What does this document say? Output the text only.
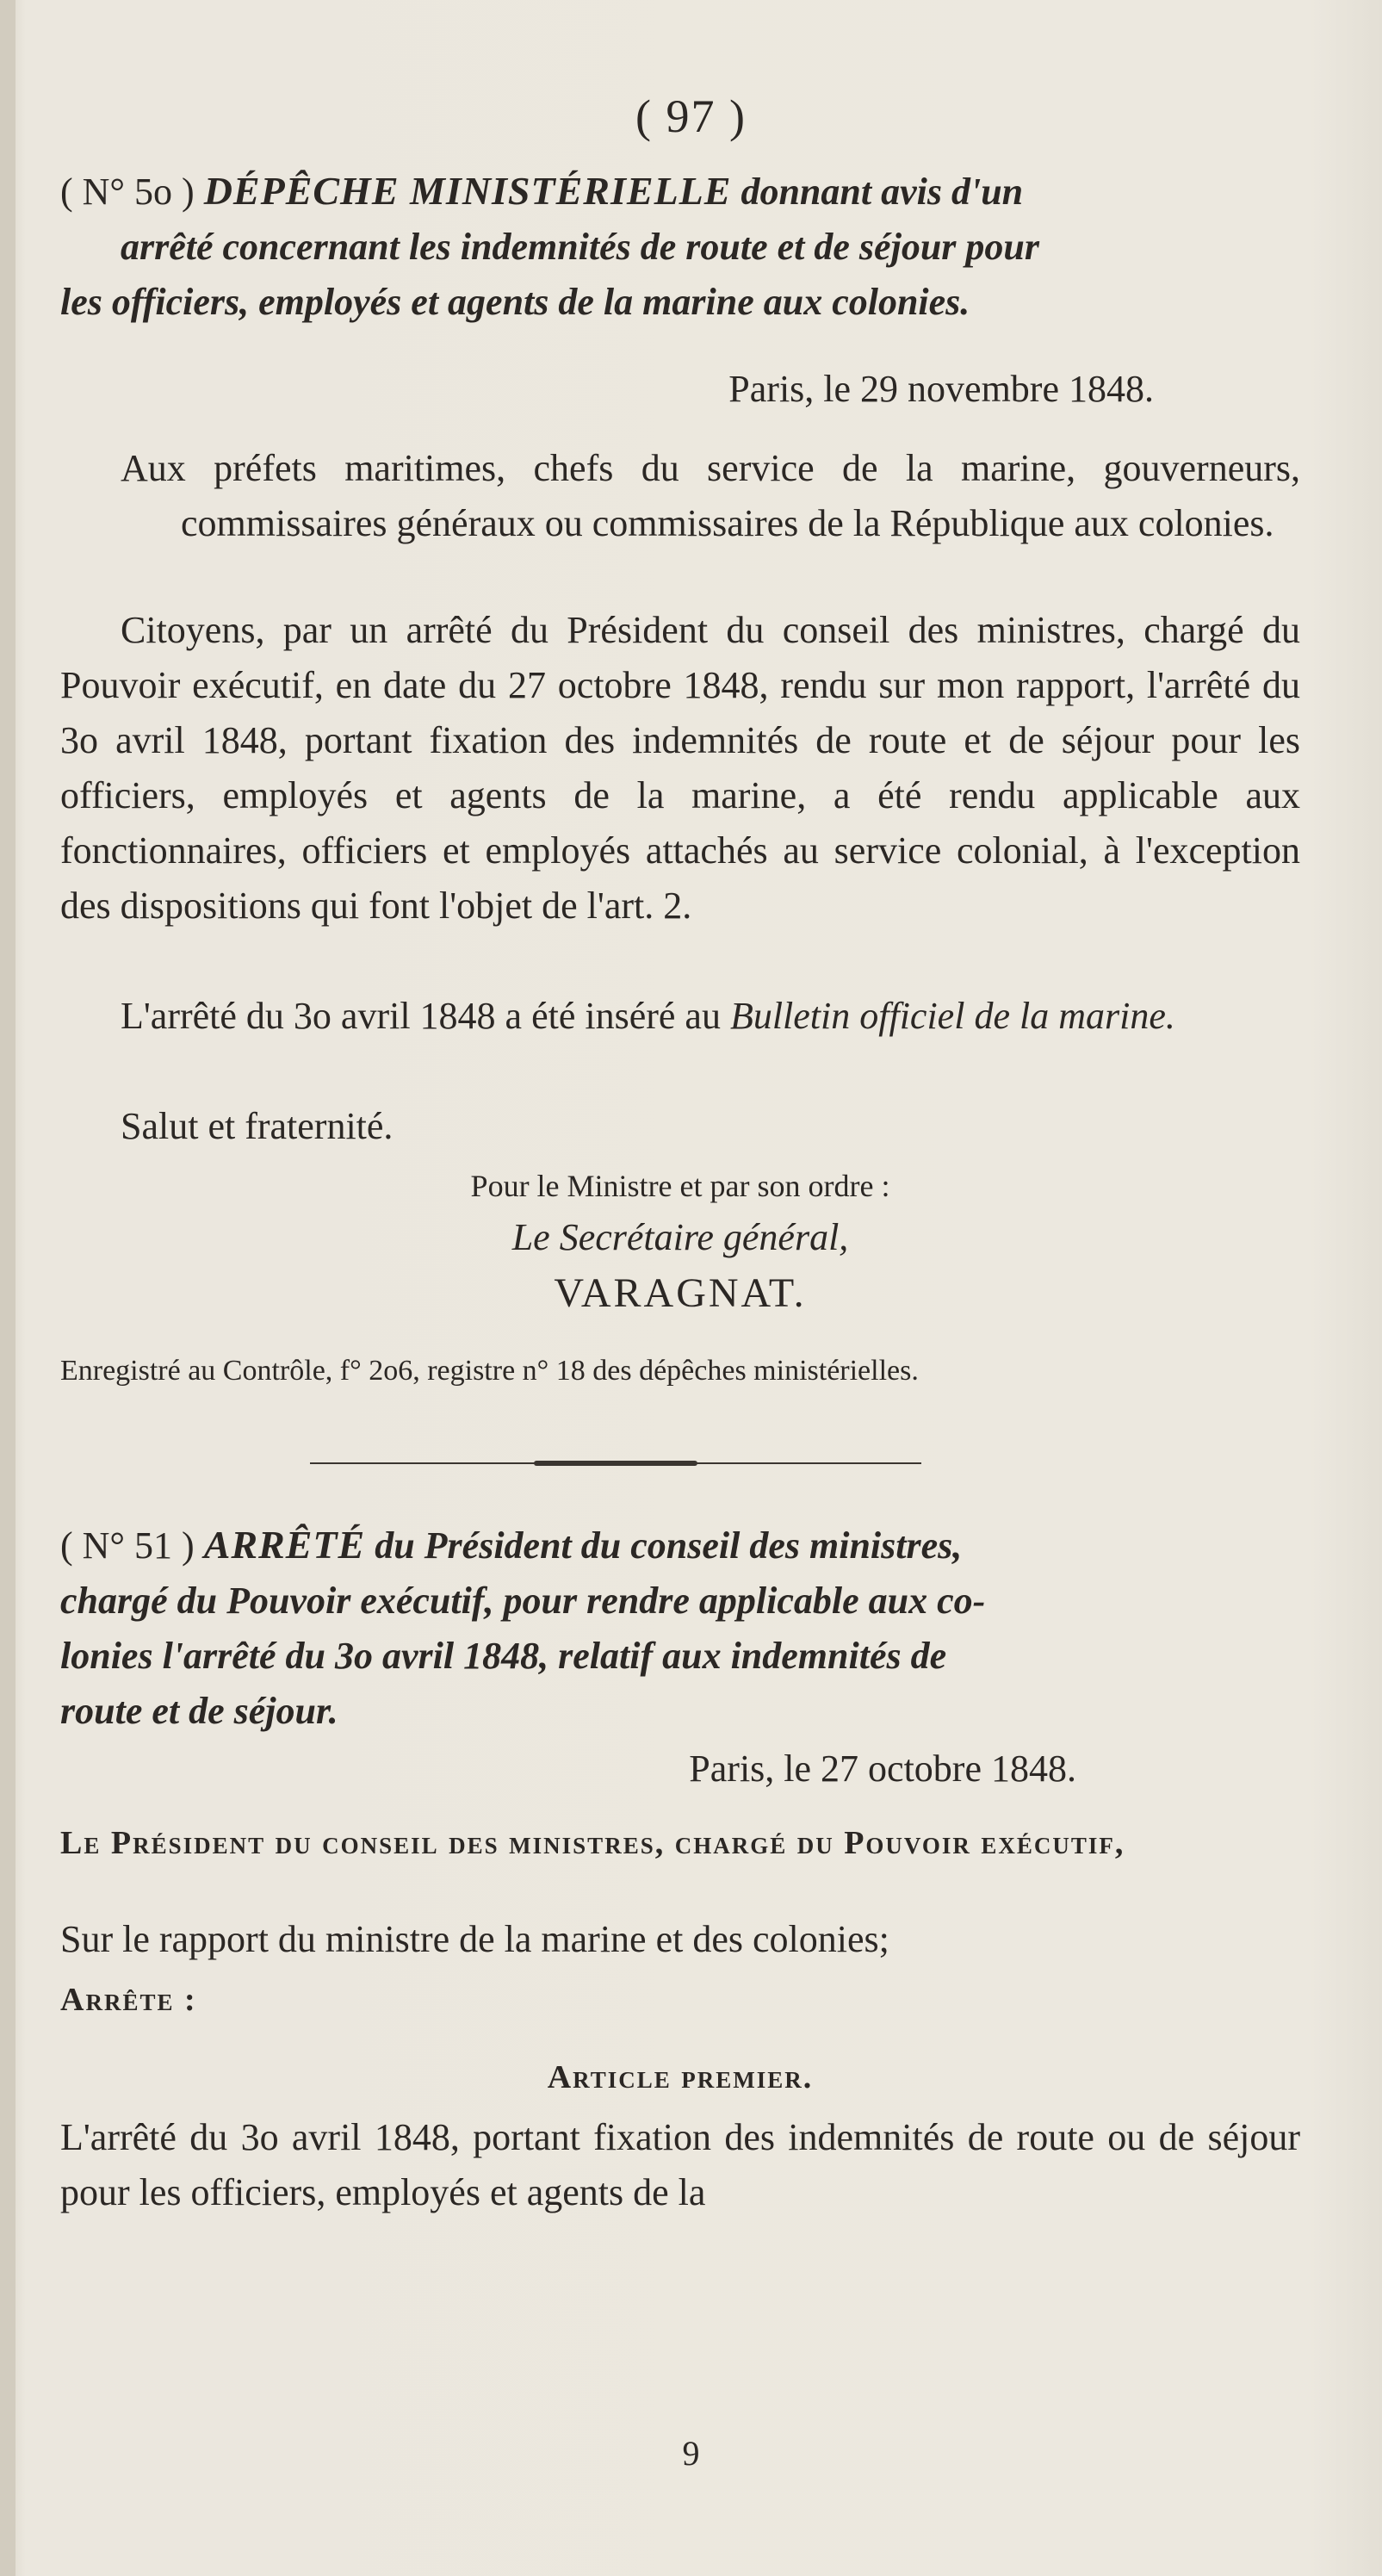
( 97 )
( N° 5o ) DÉPÊCHE MINISTÉRIELLE donnant avis d'un
arrêté concernant les indemnités de route et de séjour pour
les officiers, employés et agents de la marine aux colonies.
Paris, le 29 novembre 1848.
Aux préfets maritimes, chefs du service de la marine, gouverneurs, commissaires généraux ou commissaires de la République aux colonies.
Citoyens, par un arrêté du Président du conseil des ministres, chargé du Pouvoir exécutif, en date du 27 octobre 1848, rendu sur mon rapport, l'arrêté du 3o avril 1848, portant fixation des indemnités de route et de séjour pour les officiers, employés et agents de la marine, a été rendu applicable aux fonctionnaires, officiers et employés attachés au service colonial, à l'exception des dispositions qui font l'objet de l'art. 2.
L'arrêté du 3o avril 1848 a été inséré au Bulletin officiel de la marine.
Salut et fraternité.
Pour le Ministre et par son ordre :
Le Secrétaire général,
VARAGNAT.
Enregistré au Contrôle, f° 2o6, registre n° 18 des dépêches ministérielles.
( N° 51 ) ARRÊTÉ du Président du conseil des ministres,
chargé du Pouvoir exécutif, pour rendre applicable aux co-
lonies l'arrêté du 3o avril 1848, relatif aux indemnités de
route et de séjour.
Paris, le 27 octobre 1848.
Le Président du conseil des ministres, chargé du Pouvoir exécutif,
Sur le rapport du ministre de la marine et des colonies;
Arrête :
Article premier.
L'arrêté du 3o avril 1848, portant fixation des indemnités de route ou de séjour pour les officiers, employés et agents de la
9
